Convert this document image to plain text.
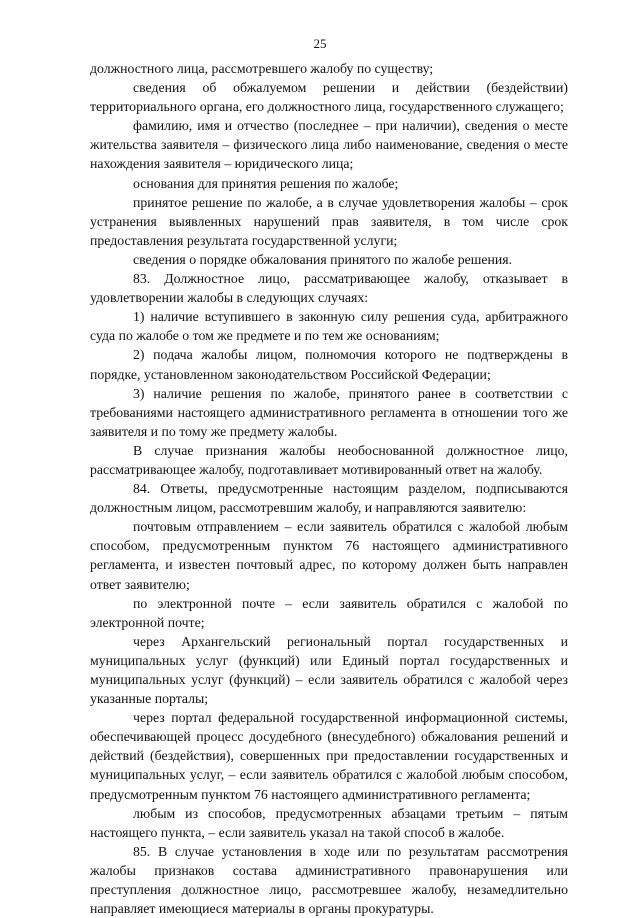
25

должностного лица, рассмотревшего жалобу по существу;

сведения об обжалуемом решении и действии (бездействии) территориального органа, его должностного лица, государственного служащего;

фамилию, имя и отчество (последнее – при наличии), сведения о месте жительства заявителя – физического лица либо наименование, сведения о месте нахождения заявителя – юридического лица;

основания для принятия решения по жалобе;

принятое решение по жалобе, а в случае удовлетворения жалобы – срок устранения выявленных нарушений прав заявителя, в том числе срок предоставления результата государственной услуги;

сведения о порядке обжалования принятого по жалобе решения.

83. Должностное лицо, рассматривающее жалобу, отказывает в удовлетворении жалобы в следующих случаях:

1) наличие вступившего в законную силу решения суда, арбитражного суда по жалобе о том же предмете и по тем же основаниям;

2) подача жалобы лицом, полномочия которого не подтверждены в порядке, установленном законодательством Российской Федерации;

3) наличие решения по жалобе, принятого ранее в соответствии с требованиями настоящего административного регламента в отношении того же заявителя и по тому же предмету жалобы.

В случае признания жалобы необоснованной должностное лицо, рассматривающее жалобу, подготавливает мотивированный ответ на жалобу.

84. Ответы, предусмотренные настоящим разделом, подписываются должностным лицом, рассмотревшим жалобу, и направляются заявителю:

почтовым отправлением – если заявитель обратился с жалобой любым способом, предусмотренным пунктом 76 настоящего административного регламента, и известен почтовый адрес, по которому должен быть направлен ответ заявителю;

по электронной почте – если заявитель обратился с жалобой по электронной почте;

через Архангельский региональный портал государственных и муниципальных услуг (функций) или Единый портал государственных и муниципальных услуг (функций) – если заявитель обратился с жалобой через указанные порталы;

через портал федеральной государственной информационной системы, обеспечивающей процесс досудебного (внесудебного) обжалования решений и действий (бездействия), совершенных при предоставлении государственных и муниципальных услуг, – если заявитель обратился с жалобой любым способом, предусмотренным пунктом 76 настоящего административного регламента;

любым из способов, предусмотренных абзацами третьим – пятым настоящего пункта, – если заявитель указал на такой способ в жалобе.

85. В случае установления в ходе или по результатам рассмотрения жалобы признаков состава административного правонарушения или преступления должностное лицо, рассмотревшее жалобу, незамедлительно направляет имеющиеся материалы в органы прокуратуры.
